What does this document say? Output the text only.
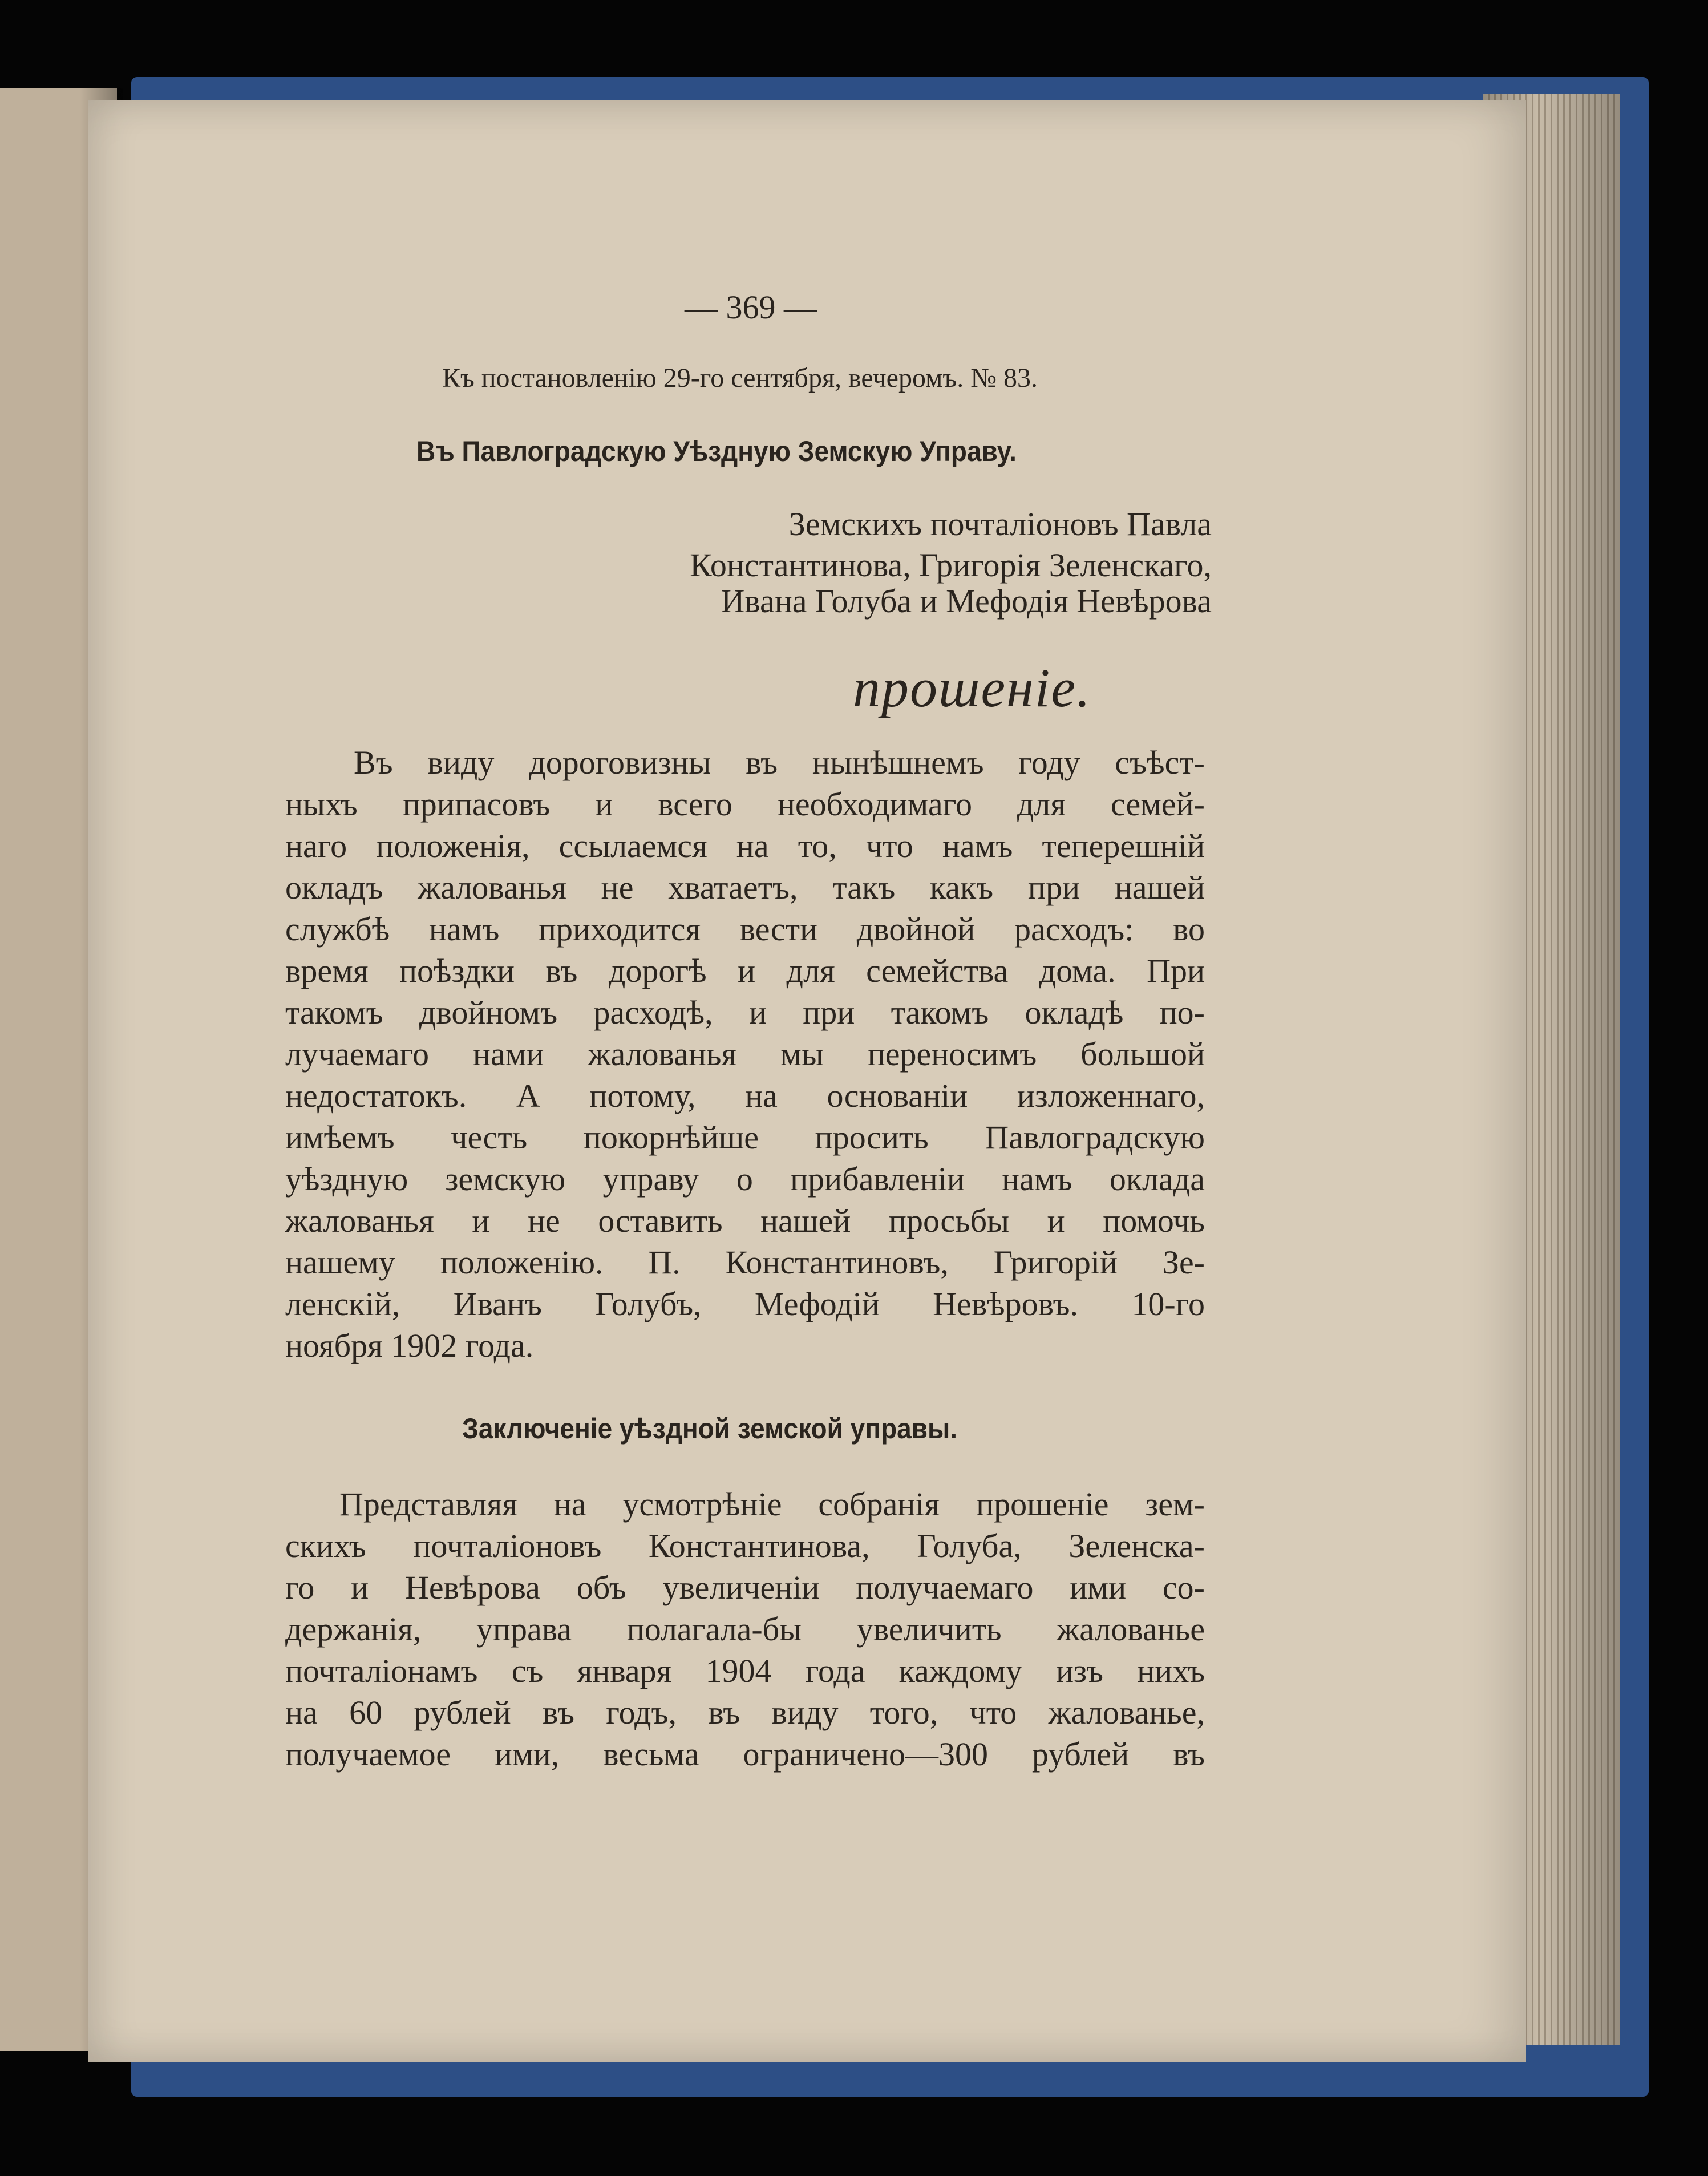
— 369 —
Къ постановленію 29-го сентября, вечеромъ. № 83.
Въ Павлоградскую Уѣздную Земскую Управу.
Земскихъ почталіоновъ Павла
Константинова, Григорія Зеленскаго,
Ивана Голуба и Мефодія Невѣрова
прошеніе.
Въ виду дороговизны въ нынѣшнемъ году съѣст-
ныхъ припасовъ и всего необходимаго для семей-
наго положенія, ссылаемся на то, что намъ теперешній
окладъ жалованья не хватаетъ, такъ какъ при нашей
службѣ намъ приходится вести двойной расходъ: во
время поѣздки въ дорогѣ и для семейства дома. При
такомъ двойномъ расходѣ, и при такомъ окладѣ по-
лучаемаго нами жалованья мы переносимъ большой
недостатокъ. А потому, на основаніи изложеннаго,
имѣемъ честь покорнѣйше просить Павлоградскую
уѣздную земскую управу о прибавленіи намъ оклада
жалованья и не оставить нашей просьбы и помочь
нашему положенію. П. Константиновъ, Григорій Зе-
ленскій, Иванъ Голубъ, Мефодій Невѣровъ. 10-го
ноября 1902 года.
Заключеніе уѣздной земской управы.
Представляя на усмотрѣніе собранія прошеніе зем-
скихъ почталіоновъ Константинова, Голуба, Зеленска-
го и Невѣрова объ увеличеніи получаемаго ими со-
держанія, управа полагала-бы увеличить жалованье
почталіонамъ съ января 1904 года каждому изъ нихъ
на 60 рублей въ годъ, въ виду того, что жалованье,
получаемое ими, весьма ограничено—300 рублей въ
